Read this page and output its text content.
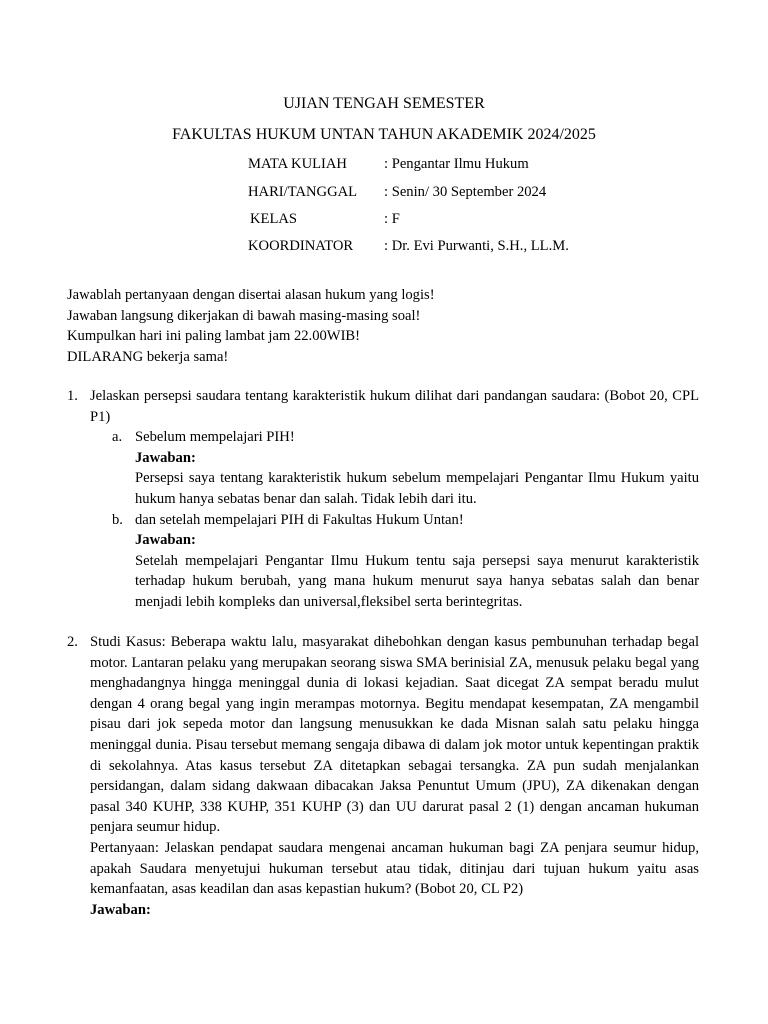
UJIAN TENGAH SEMESTER
FAKULTAS HUKUM UNTAN TAHUN AKADEMIK 2024/2025
MATA KULIAH	: Pengantar Ilmu Hukum
HARI/TANGGAL : Senin/ 30 September 2024
KELAS	: F
KOORDINATOR : Dr. Evi Purwanti, S.H., LL.M.
Jawablah pertanyaan dengan disertai alasan hukum yang logis!
Jawaban langsung dikerjakan di bawah masing-masing soal!
Kumpulkan hari ini paling lambat jam 22.00WIB!
DILARANG bekerja sama!
1. Jelaskan persepsi saudara tentang karakteristik hukum dilihat dari pandangan saudara: (Bobot 20, CPL P1)

a. Sebelum mempelajari PIH!

Jawaban:

Persepsi saya tentang karakteristik hukum sebelum mempelajari Pengantar Ilmu Hukum yaitu hukum hanya sebatas benar dan salah. Tidak lebih dari itu.

b. dan setelah mempelajari PIH di Fakultas Hukum Untan!

Jawaban:

Setelah mempelajari Pengantar Ilmu Hukum tentu saja persepsi saya menurut karakteristik terhadap hukum berubah, yang mana hukum menurut saya hanya sebatas salah dan benar menjadi lebih kompleks dan universal,fleksibel serta berintegritas.

2. Studi Kasus: Beberapa waktu lalu, masyarakat dihebohkan dengan kasus pembunuhan terhadap begal motor. Lantaran pelaku yang merupakan seorang siswa SMA berinisial ZA, menusuk pelaku begal yang menghadangnya hingga meninggal dunia di lokasi kejadian. Saat dicegat ZA sempat beradu mulut dengan 4 orang begal yang ingin merampas motornya. Begitu mendapat kesempatan, ZA mengambil pisau dari jok sepeda motor dan langsung menusukkan ke dada Misnan salah satu pelaku hingga meninggal dunia. Pisau tersebut memang sengaja dibawa di dalam jok motor untuk kepentingan praktik di sekolahnya. Atas kasus tersebut ZA ditetapkan sebagai tersangka. ZA pun sudah menjalankan persidangan, dalam sidang dakwaan dibacakan Jaksa Penuntut Umum (JPU), ZA dikenakan dengan pasal 340 KUHP, 338 KUHP, 351 KUHP (3) dan UU darurat pasal 2 (1) dengan ancaman hukuman penjara seumur hidup.

Pertanyaan: Jelaskan pendapat saudara mengenai ancaman hukuman bagi ZA penjara seumur hidup, apakah Saudara menyetujui hukuman tersebut atau tidak, ditinjau dari tujuan hukum yaitu asas kemanfaatan, asas keadilan dan asas kepastian hukum? (Bobot 20, CL P2)

Jawaban:
